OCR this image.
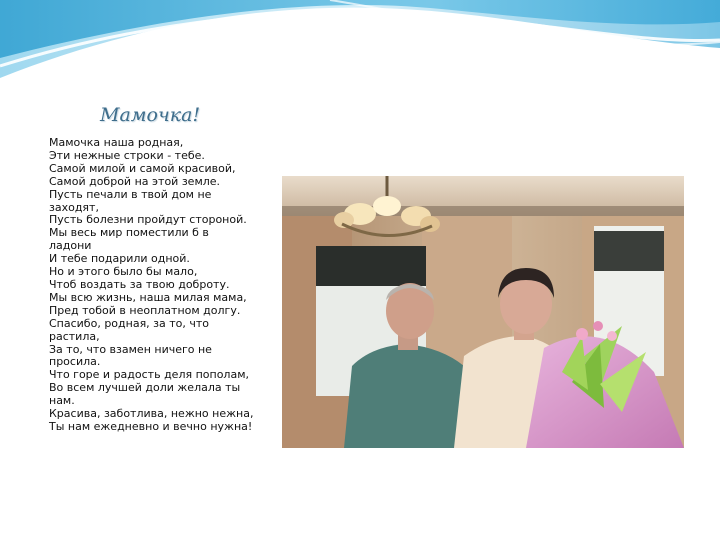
Мамочка!
Мамочка наша родная,
Эти нежные строки - тебе.
Самой милой и самой красивой,
Самой доброй на этой земле.
Пусть печали в твой дом не
заходят,
Пусть болезни пройдут стороной.
Мы весь мир поместили б в
ладони
И тебе подарили одной.
Но и этого было бы мало,
Чтоб воздать за твою доброту.
Мы всю жизнь, наша милая мама,
Пред тобой в неоплатном долгу.
Спасибо, родная, за то, что
растила,
За то, что взамен ничего не
просила.
Что горе и радость деля пополам,
Во всем лучшей доли желала ты
нам.
Красива, заботлива, нежно нежна,
Ты нам ежедневно и вечно нужна!
